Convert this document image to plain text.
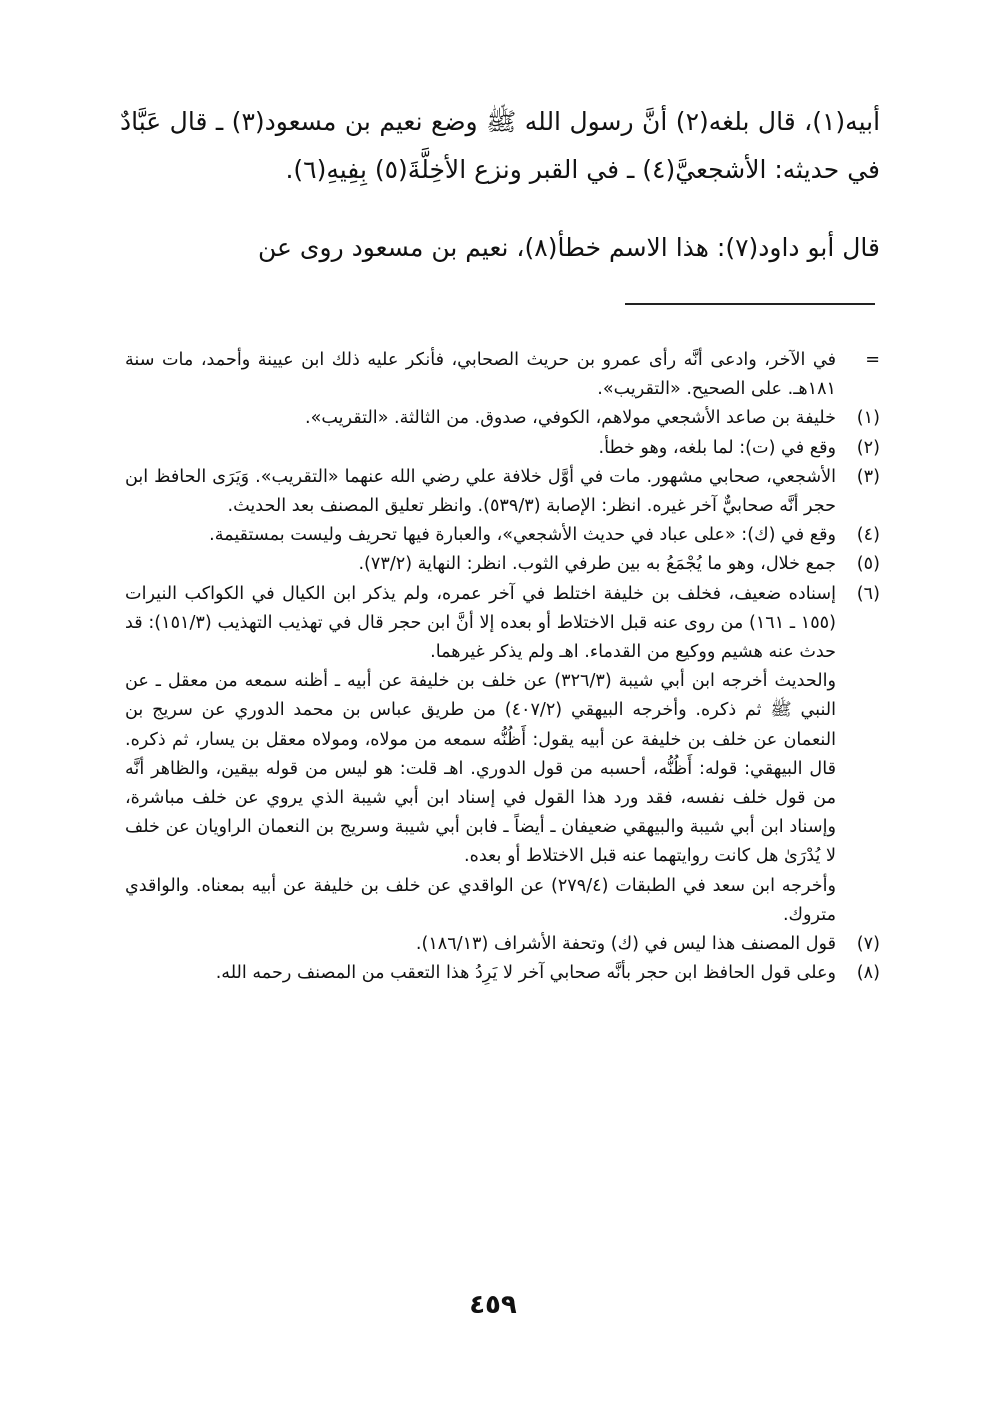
أبيه(١)، قال بلغه(٢) أنَّ رسول الله ﷺ وضع نعيم بن مسعود(٣) ـ قال عَبَّادٌ في حديثه: الأشجعيَّ(٤) ـ في القبر ونزع الأخِلَّةَ(٥) بِفِيهِ(٦).
قال أبو داود(٧): هذا الاسم خطأ(٨)، نعيم بن مسعود روى عن
=
في الآخر، وادعى أنَّه رأى عمرو بن حريث الصحابي، فأنكر عليه ذلك ابن عيينة وأحمد، مات سنة ١٨١هـ. على الصحيح. «التقريب».
(١)
خليفة بن صاعد الأشجعي مولاهم، الكوفي، صدوق. من الثالثة. «التقريب».
(٢)
وقع في (ت): لما بلغه، وهو خطأ.
(٣)
الأشجعي، صحابي مشهور. مات في أوَّل خلافة علي رضي الله عنهما «التقريب». وَيَرَى الحافظ ابن حجر أنَّه صحابيٌّ آخر غيره. انظر: الإصابة (٥٣٩/٣). وانظر تعليق المصنف بعد الحديث.
(٤)
وقع في (ك): «على عباد في حديث الأشجعي»، والعبارة فيها تحريف وليست بمستقيمة.
(٥)
جمع خلال، وهو ما يُجْمَعُ به بين طرفي الثوب. انظر: النهاية (٧٣/٢).
(٦)
إسناده ضعيف، فخلف بن خليفة اختلط في آخر عمره، ولم يذكر ابن الكيال في الكواكب النيرات (١٥٥ ـ ١٦١) من روى عنه قبل الاختلاط أو بعده إلا أنَّ ابن حجر قال في تهذيب التهذيب (١٥١/٣): قد حدث عنه هشيم ووكيع من القدماء. اهـ ولم يذكر غيرهما.
والحديث أخرجه ابن أبي شيبة (٣٢٦/٣) عن خلف بن خليفة عن أبيه ـ أظنه سمعه من معقل ـ عن النبي ﷺ ثم ذكره. وأخرجه البيهقي (٤٠٧/٢) من طريق عباس بن محمد الدوري عن سريج بن النعمان عن خلف بن خليفة عن أبيه يقول: أَظُنُّه سمعه من مولاه، ومولاه معقل بن يسار، ثم ذكره. قال البيهقي: قوله: أَظُنُّه، أحسبه من قول الدوري. اهـ قلت: هو ليس من قوله بيقين، والظاهر أنَّه من قول خلف نفسه، فقد ورد هذا القول في إسناد ابن أبي شيبة الذي يروي عن خلف مباشرة، وإسناد ابن أبي شيبة والبيهقي ضعيفان ـ أيضاً ـ فابن أبي شيبة وسريج بن النعمان الراويان عن خلف لا يُدْرَىٰ هل كانت روايتهما عنه قبل الاختلاط أو بعده.
وأخرجه ابن سعد في الطبقات (٢٧٩/٤) عن الواقدي عن خلف بن خليفة عن أبيه بمعناه. والواقدي متروك.
(٧)
قول المصنف هذا ليس في (ك) وتحفة الأشراف (١٨٦/١٣).
(٨)
وعلى قول الحافظ ابن حجر بأنَّه صحابي آخر لا يَرِدُ هذا التعقب من المصنف رحمه الله.
٤٥٩
